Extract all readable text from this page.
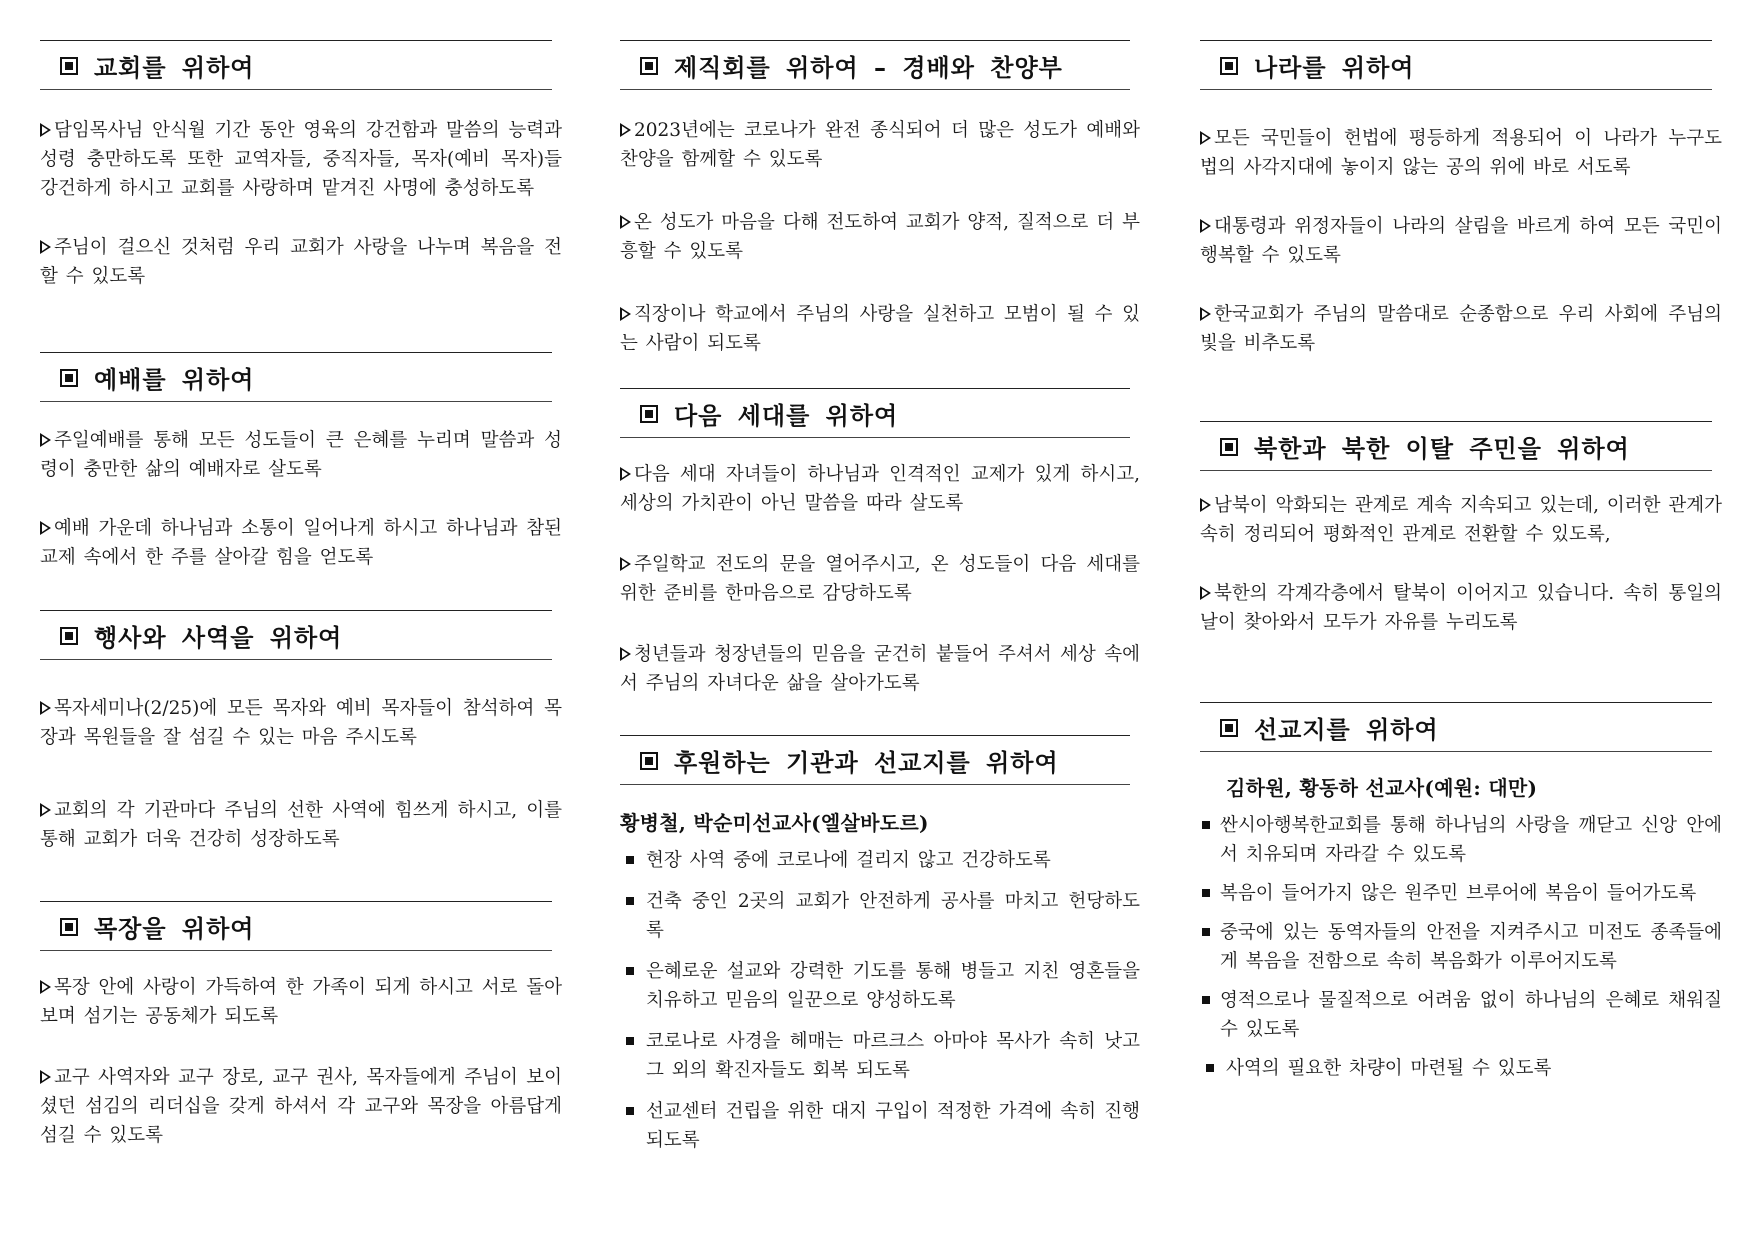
교회를 위하여
담임목사님 안식월 기간 동안 영육의 강건함과 말씀의 능력과 성령 충만하도록 또한 교역자들, 중직자들, 목자(예비 목자)들 강건하게 하시고 교회를 사랑하며 맡겨진 사명에 충성하도록
주님이 걸으신 것처럼 우리 교회가 사랑을 나누며 복음을 전할 수 있도록
예배를 위하여
주일예배를 통해 모든 성도들이 큰 은혜를 누리며 말씀과 성령이 충만한 삶의 예배자로 살도록
예배 가운데 하나님과 소통이 일어나게 하시고 하나님과 참된 교제 속에서 한 주를 살아갈 힘을 얻도록
행사와 사역을 위하여
목자세미나(2/25)에 모든 목자와 예비 목자들이 참석하여 목장과 목원들을 잘 섬길 수 있는 마음 주시도록
교회의 각 기관마다 주님의 선한 사역에 힘쓰게 하시고, 이를 통해 교회가 더욱 건강히 성장하도록
목장을 위하여
목장 안에 사랑이 가득하여 한 가족이 되게 하시고 서로 돌아보며 섬기는 공동체가 되도록
교구 사역자와 교구 장로, 교구 권사, 목자들에게 주님이 보이셨던 섬김의 리더십을 갖게 하셔서 각 교구와 목장을 아름답게 섬길 수 있도록
제직회를 위하여 – 경배와 찬양부
2023년에는 코로나가 완전 종식되어 더 많은 성도가 예배와 찬양을 함께할 수 있도록
온 성도가 마음을 다해 전도하여 교회가 양적, 질적으로 더 부흥할 수 있도록
직장이나 학교에서 주님의 사랑을 실천하고 모범이 될 수 있는 사람이 되도록
다음 세대를 위하여
다음 세대 자녀들이 하나님과 인격적인 교제가 있게 하시고, 세상의 가치관이 아닌 말씀을 따라 살도록
주일학교 전도의 문을 열어주시고, 온 성도들이 다음 세대를 위한 준비를 한마음으로 감당하도록
청년들과 청장년들의 믿음을 굳건히 붙들어 주셔서 세상 속에서 주님의 자녀다운 삶을 살아가도록
후원하는 기관과 선교지를 위하여
황병철, 박순미선교사(엘살바도르)
현장 사역 중에 코로나에 걸리지 않고 건강하도록
건축 중인 2곳의 교회가 안전하게 공사를 마치고 헌당하도록
은혜로운 설교와 강력한 기도를 통해 병들고 지친 영혼들을 치유하고 믿음의 일꾼으로 양성하도록
코로나로 사경을 헤매는 마르크스 아마야 목사가 속히 낫고 그 외의 확진자들도 회복 되도록
선교센터 건립을 위한 대지 구입이 적정한 가격에 속히 진행되도록
나라를 위하여
모든 국민들이 헌법에 평등하게 적용되어 이 나라가 누구도 법의 사각지대에 놓이지 않는 공의 위에 바로 서도록
대통령과 위정자들이 나라의 살림을 바르게 하여 모든 국민이 행복할 수 있도록
한국교회가 주님의 말씀대로 순종함으로 우리 사회에 주님의 빛을 비추도록
북한과 북한 이탈 주민을 위하여
남북이 악화되는 관계로 계속 지속되고 있는데, 이러한 관계가 속히 정리되어 평화적인 관계로 전환할 수 있도록,
북한의 각계각층에서 탈북이 이어지고 있습니다. 속히 통일의 날이 찾아와서 모두가 자유를 누리도록
선교지를 위하여
김하원, 황동하 선교사(예원: 대만)
싼시아행복한교회를 통해 하나님의 사랑을 깨닫고 신앙 안에서 치유되며 자라갈 수 있도록
복음이 들어가지 않은 원주민 브루어에 복음이 들어가도록
중국에 있는 동역자들의 안전을 지켜주시고 미전도 종족들에게 복음을 전함으로 속히 복음화가 이루어지도록
영적으로나 물질적으로 어려움 없이 하나님의 은혜로 채워질 수 있도록
사역의 필요한 차량이 마련될 수 있도록
